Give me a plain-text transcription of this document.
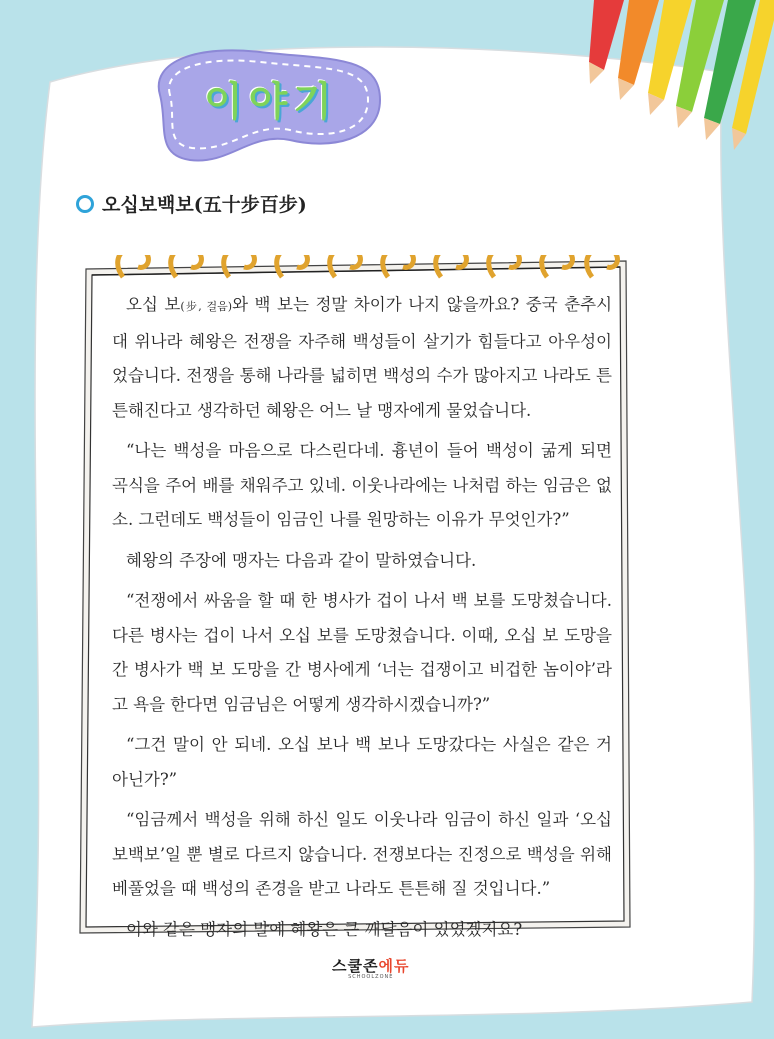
이야기
오십보백보(五十步百步)

오십 보(步, 걸음)와 백 보는 정말 차이가 나지 않을까요? 중국 춘추시대 위나라 혜왕은 전쟁을 자주해 백성들이 살기가 힘들다고 아우성이었습니다. 전쟁을 통해 나라를 넓히면 백성의 수가 많아지고 나라도 튼튼해진다고 생각하던 혜왕은 어느 날 맹자에게 물었습니다.

“나는 백성을 마음으로 다스린다네. 흉년이 들어 백성이 굶게 되면 곡식을 주어 배를 채워주고 있네. 이웃나라에는 나처럼 하는 임금은 없소. 그런데도 백성들이 임금인 나를 원망하는 이유가 무엇인가?”

혜왕의 주장에 맹자는 다음과 같이 말하였습니다.

“전쟁에서 싸움을 할 때 한 병사가 겁이 나서 백 보를 도망쳤습니다. 다른 병사는 겁이 나서 오십 보를 도망쳤습니다. 이때, 오십 보 도망을 간 병사가 백 보 도망을 간 병사에게 ‘너는 겁쟁이고 비겁한 놈이야’라고 욕을 한다면 임금님은 어떻게 생각하시겠습니까?”

“그건 말이 안 되네. 오십 보나 백 보나 도망갔다는 사실은 같은 거 아닌가?”

“임금께서 백성을 위해 하신 일도 이웃나라 임금이 하신 일과 ‘오십보백보’일 뿐 별로 다르지 않습니다. 전쟁보다는 진정으로 백성을 위해 베풀었을 때 백성의 존경을 받고 나라도 튼튼해 질 것입니다.”

이와 같은 맹자의 말에 혜왕은 큰 깨달음이 있었겠지요?

스쿨존에듀
SCHOOLZONE
